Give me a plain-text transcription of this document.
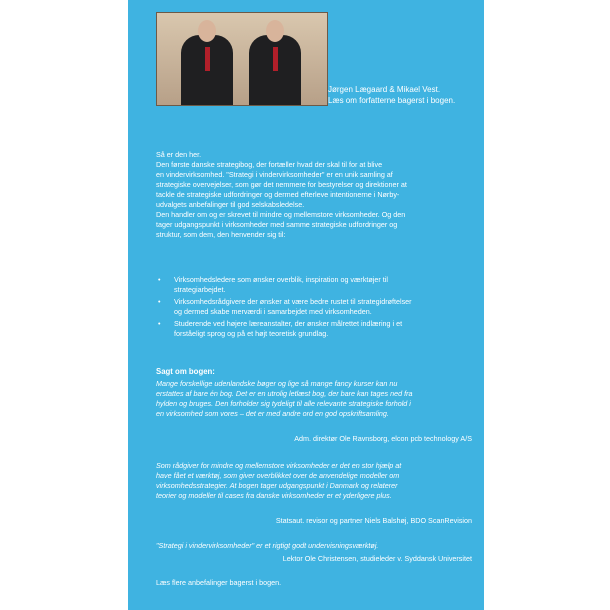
Jørgen Lægaard & Mikael Vest.
Læs om forfatterne bagerst i bogen.
Så er den her.
Den første danske strategibog, der fortæller hvad der skal til for at blive
en vindervirksomhed. "Strategi i vindervirksomheder" er en unik samling af
strategiske overvejelser, som gør det nemmere for bestyrelser og direktioner at
tackle de strategiske udfordringer og dermed efterleve intentionerne i Nørby-
udvalgets anbefalinger til god selskabsledelse.
Den handler om og er skrevet til mindre og mellemstore virksomheder. Og den
tager udgangspunkt i virksomheder med samme strategiske udfordringer og
struktur, som dem, den henvender sig til:
• Virksomhedsledere som ønsker overblik, inspiration og værktøjer til
strategiarbejdet.
• Virksomhedsrådgivere der ønsker at være bedre rustet til strategidrøftelser
og dermed skabe merværdi i samarbejdet med virksomheden.
• Studerende ved højere læreanstalter, der ønsker målrettet indlæring i et
forståeligt sprog og på et højt teoretisk grundlag.
Sagt om bogen:
Mange forskellige udenlandske bøger og lige så mange fancy kurser kan nu
erstattes af bare én bog. Det er en utrolig letlæst bog, der bare kan tages ned fra
hylden og bruges. Den forholder sig tydeligt til alle relevante strategiske forhold i
en virksomhed som vores – det er med andre ord en god opskriftsamling.
Adm. direktør Ole Ravnsborg, elcon pcb technology A/S
Som rådgiver for mindre og mellemstore virksomheder er det en stor hjælp at
have fået et værktøj, som giver overblikket over de anvendelige modeller om
virksomhedsstrategier. At bogen tager udgangspunkt i Danmark og relaterer
teorier og modeller til cases fra danske virksomheder er et yderligere plus.
Statsaut. revisor og partner Niels Balshøj, BDO ScanRevision
"Strategi i vindervirksomheder" er et rigtigt godt undervisningsværktøj.
Lektor Ole Christensen, studieleder v. Syddansk Universitet
Læs flere anbefalinger bagerst i bogen.
